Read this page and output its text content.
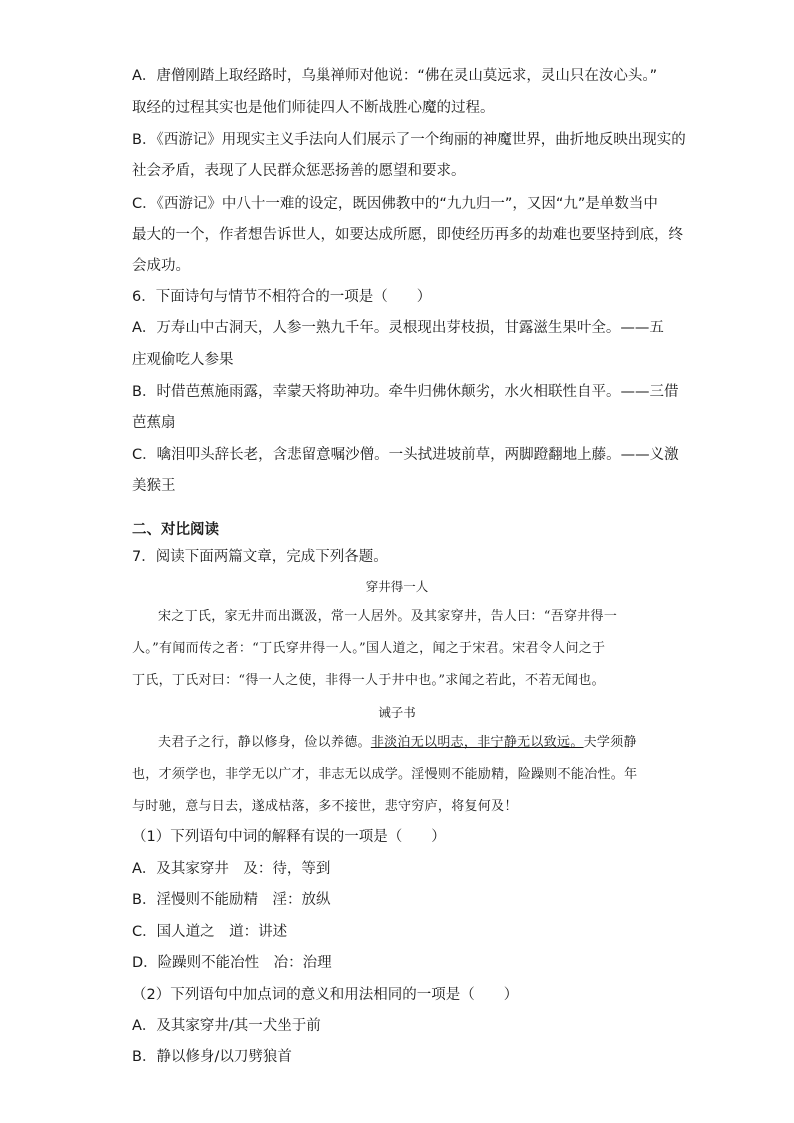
A．唐僧刚踏上取经路时，乌巢禅师对他说：“佛在灵山莫远求，灵山只在汝心头。”
取经的过程其实也是他们师徒四人不断战胜心魔的过程。
B．《西游记》用现实主义手法向人们展示了一个绚丽的神魔世界，曲折地反映出现实的
社会矛盾，表现了人民群众惩恶扬善的愿望和要求。
C．《西游记》中八十一难的设定，既因佛教中的“九九归一”，又因“九”是单数当中
最大的一个，作者想告诉世人，如要达成所愿，即使经历再多的劫难也要坚持到底，终
会成功。
6．下面诗句与情节不相符合的一项是（　　）
A．万寿山中古洞天，人参一熟九千年。灵根现出芽枝损，甘露滋生果叶全。——五
庄观偷吃人参果
B．时借芭蕉施雨露，幸蒙天将助神功。牵牛归佛休颠劣，水火相联性自平。——三借
芭蕉扇
C．噙泪叩头辞长老，含悲留意嘱沙僧。一头拭进坡前草，两脚蹬翻地上藤。——义激
美猴王
二、对比阅读
7．阅读下面两篇文章，完成下列各题。
穿井得一人
宋之丁氏，家无井而出溉汲，常一人居外。及其家穿井，告人曰：“吾穿井得一
人。”有闻而传之者：“丁氏穿井得一人。”国人道之，闻之于宋君。宋君令人问之于
丁氏，丁氏对曰：“得一人之使，非得一人于井中也。”求闻之若此，不若无闻也。
诫子书
夫君子之行，静以修身，俭以养德。非淡泊无以明志，非宁静无以致远。夫学须静
也，才须学也，非学无以广才，非志无以成学。淫慢则不能励精，险躁则不能冶性。年
与时驰，意与日去，遂成枯落，多不接世，悲守穷庐，将复何及！
（1）下列语句中词的解释有误的一项是（　　）
A．及其家穿井　及：待，等到
B．淫慢则不能励精　淫：放纵
C．国人道之　道：讲述
D．险躁则不能冶性　冶：治理
（2）下列语句中加点词的意义和用法相同的一项是（　　）
A．及其家穿井/其一犬坐于前
B．静以修身/以刀劈狼首
